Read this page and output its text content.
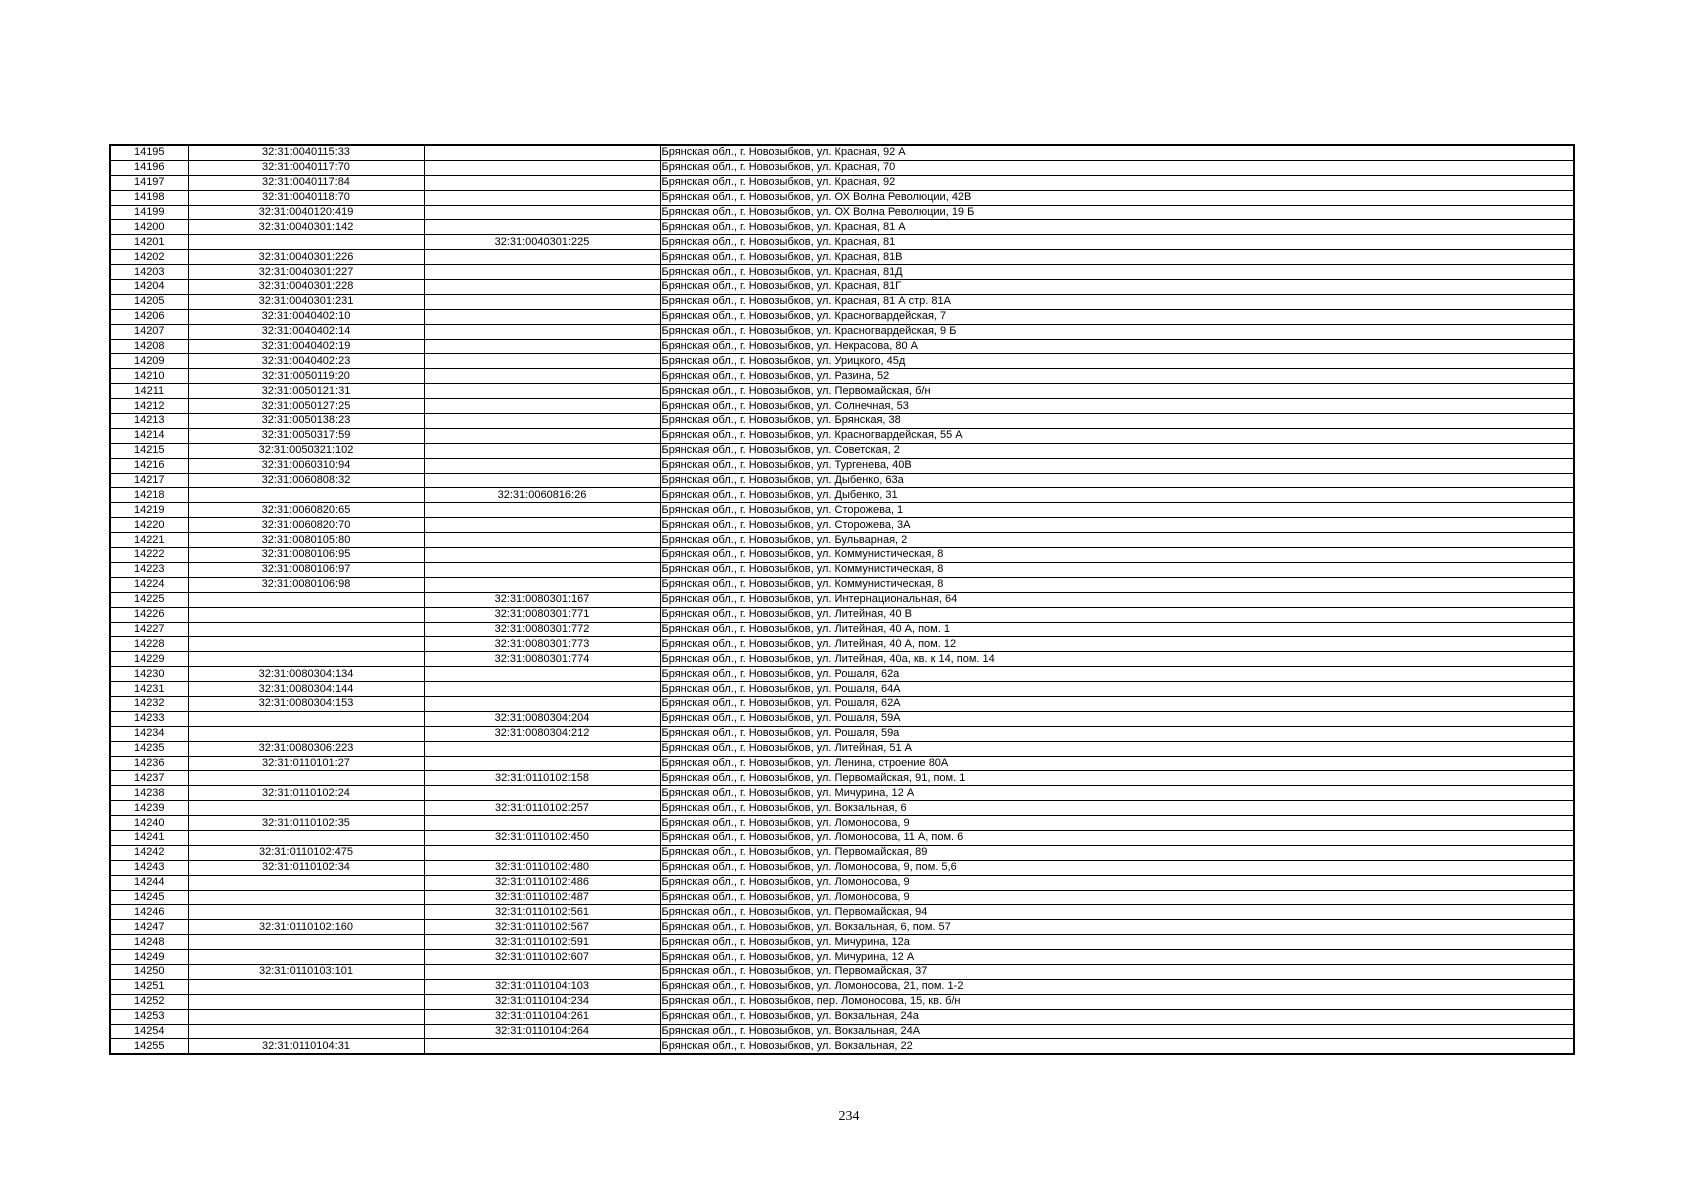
14195	32:31:0040115:33		Брянская обл., г. Новозыбков, ул. Красная, 92 А
14196	32:31:0040117:70		Брянская обл., г. Новозыбков, ул. Красная, 70
14197	32:31:0040117:84		Брянская обл., г. Новозыбков, ул. Красная, 92
14198	32:31:0040118:70		Брянская обл., г. Новозыбков, ул. ОХ Волна Революции, 42В
14199	32:31:0040120:419		Брянская обл., г. Новозыбков, ул. ОХ Волна Революции, 19 Б
14200	32:31:0040301:142		Брянская обл., г. Новозыбков, ул. Красная, 81 А
14201		32:31:0040301:225	Брянская обл., г. Новозыбков, ул. Красная, 81
14202	32:31:0040301:226		Брянская обл., г. Новозыбков, ул. Красная, 81В
14203	32:31:0040301:227		Брянская обл., г. Новозыбков, ул. Красная, 81Д
14204	32:31:0040301:228		Брянская обл., г. Новозыбков, ул. Красная, 81Г
14205	32:31:0040301:231		Брянская обл., г. Новозыбков, ул. Красная, 81 А стр. 81А
14206	32:31:0040402:10		Брянская обл., г. Новозыбков, ул. Красногвардейская, 7
14207	32:31:0040402:14		Брянская обл., г. Новозыбков, ул. Красногвардейская, 9 Б
14208	32:31:0040402:19		Брянская обл., г. Новозыбков, ул. Некрасова, 80 А
14209	32:31:0040402:23		Брянская обл., г. Новозыбков, ул. Урицкого, 45д
14210	32:31:0050119:20		Брянская обл., г. Новозыбков, ул. Разина, 52
14211	32:31:0050121:31		Брянская обл., г. Новозыбков, ул. Первомайская, б/н
14212	32:31:0050127:25		Брянская обл., г. Новозыбков, ул. Солнечная, 53
14213	32:31:0050138:23		Брянская обл., г. Новозыбков, ул. Брянская, 38
14214	32:31:0050317:59		Брянская обл., г. Новозыбков, ул. Красногвардейская, 55 А
14215	32:31:0050321:102		Брянская обл., г. Новозыбков, ул. Советская, 2
14216	32:31:0060310:94		Брянская обл., г. Новозыбков, ул. Тургенева, 40В
14217	32:31:0060808:32		Брянская обл., г. Новозыбков, ул. Дыбенко, 63а
14218		32:31:0060816:26	Брянская обл., г. Новозыбков, ул. Дыбенко, 31
14219	32:31:0060820:65		Брянская обл., г. Новозыбков, ул. Сторожева, 1
14220	32:31:0060820:70		Брянская обл., г. Новозыбков, ул. Сторожева, 3А
14221	32:31:0080105:80		Брянская обл., г. Новозыбков, ул. Бульварная, 2
14222	32:31:0080106:95		Брянская обл., г. Новозыбков, ул. Коммунистическая, 8
14223	32:31:0080106:97		Брянская обл., г. Новозыбков, ул. Коммунистическая, 8
14224	32:31:0080106:98		Брянская обл., г. Новозыбков, ул. Коммунистическая, 8
14225		32:31:0080301:167	Брянская обл., г. Новозыбков, ул. Интернациональная, 64
14226		32:31:0080301:771	Брянская обл., г. Новозыбков, ул. Литейная, 40 В
14227		32:31:0080301:772	Брянская обл., г. Новозыбков, ул. Литейная, 40 А, пом. 1
14228		32:31:0080301:773	Брянская обл., г. Новозыбков, ул. Литейная, 40 А, пом. 12
14229		32:31:0080301:774	Брянская обл., г. Новозыбков, ул. Литейная, 40а, кв. к 14, пом. 14
14230	32:31:0080304:134		Брянская обл., г. Новозыбков, ул. Рошаля, 62а
14231	32:31:0080304:144		Брянская обл., г. Новозыбков, ул. Рошаля, 64А
14232	32:31:0080304:153		Брянская обл., г. Новозыбков, ул. Рошаля, 62А
14233		32:31:0080304:204	Брянская обл., г. Новозыбков, ул. Рошаля, 59А
14234		32:31:0080304:212	Брянская обл., г. Новозыбков, ул. Рошаля, 59а
14235	32:31:0080306:223		Брянская обл., г. Новозыбков, ул. Литейная, 51 А
14236	32:31:0110101:27		Брянская обл., г. Новозыбков, ул. Ленина, строение 80А
14237		32:31:0110102:158	Брянская обл., г. Новозыбков, ул. Первомайская, 91, пом. 1
14238	32:31:0110102:24		Брянская обл., г. Новозыбков, ул. Мичурина, 12 А
14239		32:31:0110102:257	Брянская обл., г. Новозыбков, ул. Вокзальная, 6
14240	32:31:0110102:35		Брянская обл., г. Новозыбков, ул. Ломоносова, 9
14241		32:31:0110102:450	Брянская обл., г. Новозыбков, ул. Ломоносова, 11 А, пом. 6
14242	32:31:0110102:475		Брянская обл., г. Новозыбков, ул. Первомайская, 89
14243	32:31:0110102:34	32:31:0110102:480	Брянская обл., г. Новозыбков, ул. Ломоносова, 9, пом. 5,6
14244		32:31:0110102:486	Брянская обл., г. Новозыбков, ул. Ломоносова, 9
14245		32:31:0110102:487	Брянская обл., г. Новозыбков, ул. Ломоносова, 9
14246		32:31:0110102:561	Брянская обл., г. Новозыбков, ул. Первомайская, 94
14247	32:31:0110102:160	32:31:0110102:567	Брянская обл., г. Новозыбков, ул. Вокзальная, 6, пом. 57
14248		32:31:0110102:591	Брянская обл., г. Новозыбков, ул. Мичурина, 12а
14249		32:31:0110102:607	Брянская обл., г. Новозыбков, ул. Мичурина, 12 А
14250	32:31:0110103:101		Брянская обл., г. Новозыбков, ул. Первомайская, 37
14251		32:31:0110104:103	Брянская обл., г. Новозыбков, ул. Ломоносова, 21, пом. 1-2
14252		32:31:0110104:234	Брянская обл., г. Новозыбков, пер. Ломоносова, 15, кв. б/н
14253		32:31:0110104:261	Брянская обл., г. Новозыбков, ул. Вокзальная, 24а
14254		32:31:0110104:264	Брянская обл., г. Новозыбков, ул. Вокзальная, 24А
14255	32:31:0110104:31		Брянская обл., г. Новозыбков, ул. Вокзальная, 22
234
